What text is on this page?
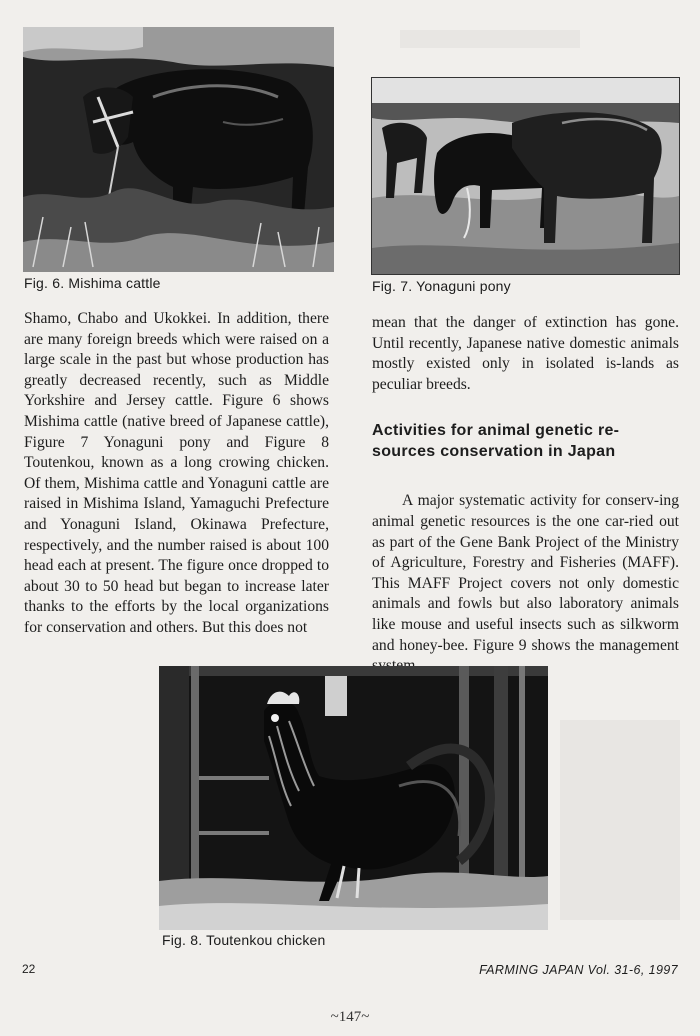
Fig. 6. Mishima cattle	Fig. 7. Yonaguni pony

Shamo, Chabo and Ukokkei. In addition, there are many foreign breeds which were raised on a large scale in the past but whose production has greatly decreased recently, such as Middle Yorkshire and Jersey cattle. Figure 6 shows Mishima cattle (native breed of Japanese cattle), Figure 7 Yonaguni pony and Figure 8 Toutenkou, known as a long crowing chicken. Of them, Mishima cattle and Yonaguni cattle are raised in Mishima Island, Yamaguchi Prefecture and Yonaguni Island, Okinawa Prefecture, respectively, and the number raised is about 100 head each at present. The figure once dropped to about 30 to 50 head but began to increase later thanks to the efforts by the local organizations for conservation and others. But this does not

mean that the danger of extinction has gone. Until recently, Japanese native domestic animals mostly existed only in isolated is-lands as peculiar breeds.

Activities for animal genetic re-sources conservation in Japan

A major systematic activity for conserv-ing animal genetic resources is the one car-ried out as part of the Gene Bank Project of the Ministry of Agriculture, Forestry and Fisheries (MAFF). This MAFF Project covers not only domestic animals and fowls but also laboratory animals like mouse and useful insects such as silkworm and honey-bee. Figure 9 shows the management

Fig. 8. Toutenkou chicken
22	FARMING JAPAN Vol. 31-6, 1997
~147~
